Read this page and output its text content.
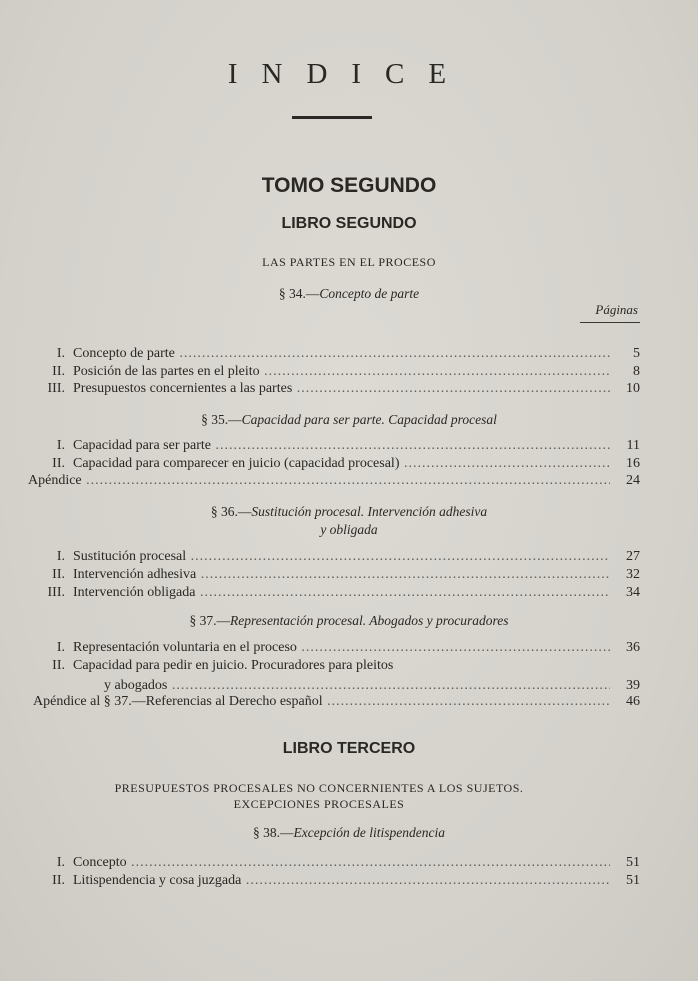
INDICE
TOMO SEGUNDO
LIBRO SEGUNDO
LAS PARTES EN EL PROCESO
§ 34.—Concepto de parte
Páginas
I. Concepto de parte .....	5
II. Posición de las partes en el pleito .....	8
III. Presupuestos concernientes a las partes .....	10
§ 35.—Capacidad para ser parte. Capacidad procesal
I. Capacidad para ser parte .....	11
II. Capacidad para comparecer en juicio (capacidad procesal) .....	16
Apéndice .....	24
§ 36.—Sustitución procesal. Intervención adhesiva
y obligada
I. Sustitución procesal .....	27
II. Intervención adhesiva .....	32
III. Intervención obligada .....	34
§ 37.—Representación procesal. Abogados y procuradores
I. Representación voluntaria en el proceso .....	36
II. Capacidad para pedir en juicio. Procuradores para pleitos
y abogados .....	39
Apéndice al § 37.—Referencias al Derecho español .....	46
LIBRO TERCERO
PRESUPUESTOS PROCESALES NO CONCERNIENTES A LOS SUJETOS.
EXCEPCIONES PROCESALES
§ 38.—Excepción de litispendencia
I. Concepto .....	51
II. Litispendencia y cosa juzgada .....	51
